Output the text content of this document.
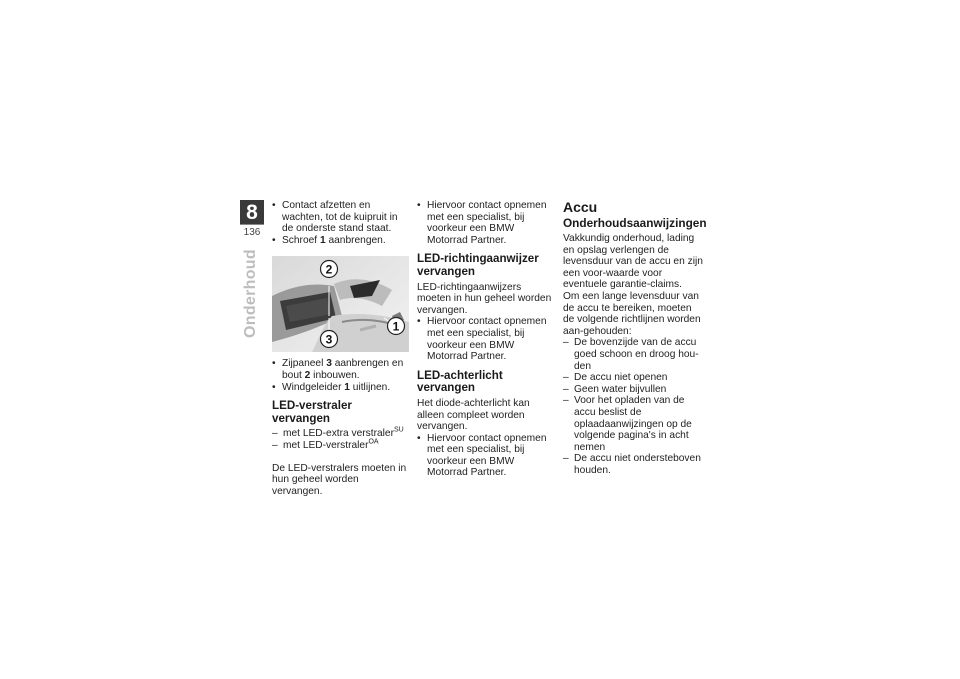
8
136
Onderhoud
• Contact afzetten en wachten, tot de kuipruit in de onderste stand staat.
• Schroef 1 aanbrengen.
2
3
1
• Zijpaneel 3 aanbrengen en bout 2 inbouwen.
• Windgeleider 1 uitlijnen.
LED-verstraler vervangen
– met LED-extra verstraler$^{SU}$
– met LED-verstraler$^{OA}$

De LED-verstralers moeten in hun geheel worden vervangen.

• Hiervoor contact opnemen met een specialist, bij voorkeur een BMW Motorrad Partner.
LED-richtingaanwijzer vervangen

LED-richtingaanwijzers moeten in hun geheel worden vervangen.

• Hiervoor contact opnemen met een specialist, bij voorkeur een BMW Motorrad Partner.
LED-achterlicht vervangen

Het diode-achterlicht kan alleen compleet worden vervangen.

• Hiervoor contact opnemen met een specialist, bij voorkeur een BMW Motorrad Partner.
Accu
Onderhoudsaanwijzingen

Vakkundig onderhoud, lading en opslag verlengen de levensduur van de accu en zijn een voor-waarde voor eventuele garantie-claims.

Om een lange levensduur van de accu te bereiken, moeten de volgende richtlijnen worden aan-gehouden:

– De bovenzijde van de accu goed schoon en droog hou-den
– De accu niet openen
– Geen water bijvullen
– Voor het opladen van de accu beslist de oplaadaanwijzingen op de volgende pagina's in acht nemen
– De accu niet ondersteboven houden.
